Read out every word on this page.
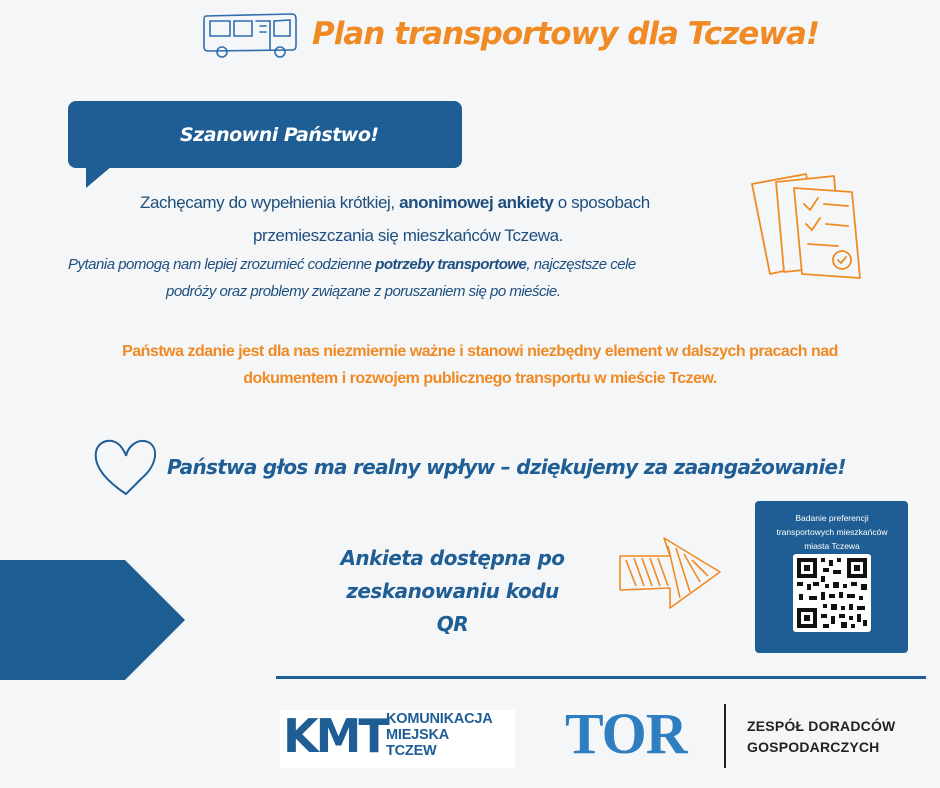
Plan transportowy dla Tczewa!
Szanowni Państwo!
Zachęcamy do wypełnienia krótkiej, anonimowej ankiety o sposobach
przemieszczania się mieszkańców Tczewa.
Pytania pomogą nam lepiej zrozumieć codzienne potrzeby transportowe, najczęstsze cele
podróży oraz problemy związane z poruszaniem się po mieście.
Państwa zdanie jest dla nas niezmiernie ważne i stanowi niezbędny element w dalszych pracach nad
dokumentem i rozwojem publicznego transportu w mieście Tczew.
Państwa głos ma realny wpływ – dziękujemy za zaangażowanie!
Ankieta dostępna po
zeskanowaniu kodu QR
Badanie preferencji
transportowych mieszkańców
miasta Tczewa
KMT KOMUNIKACJA
MIEJSKA
TCZEW	TOR	ZESPÓŁ DORADCÓW
GOSPODARCZYCH
